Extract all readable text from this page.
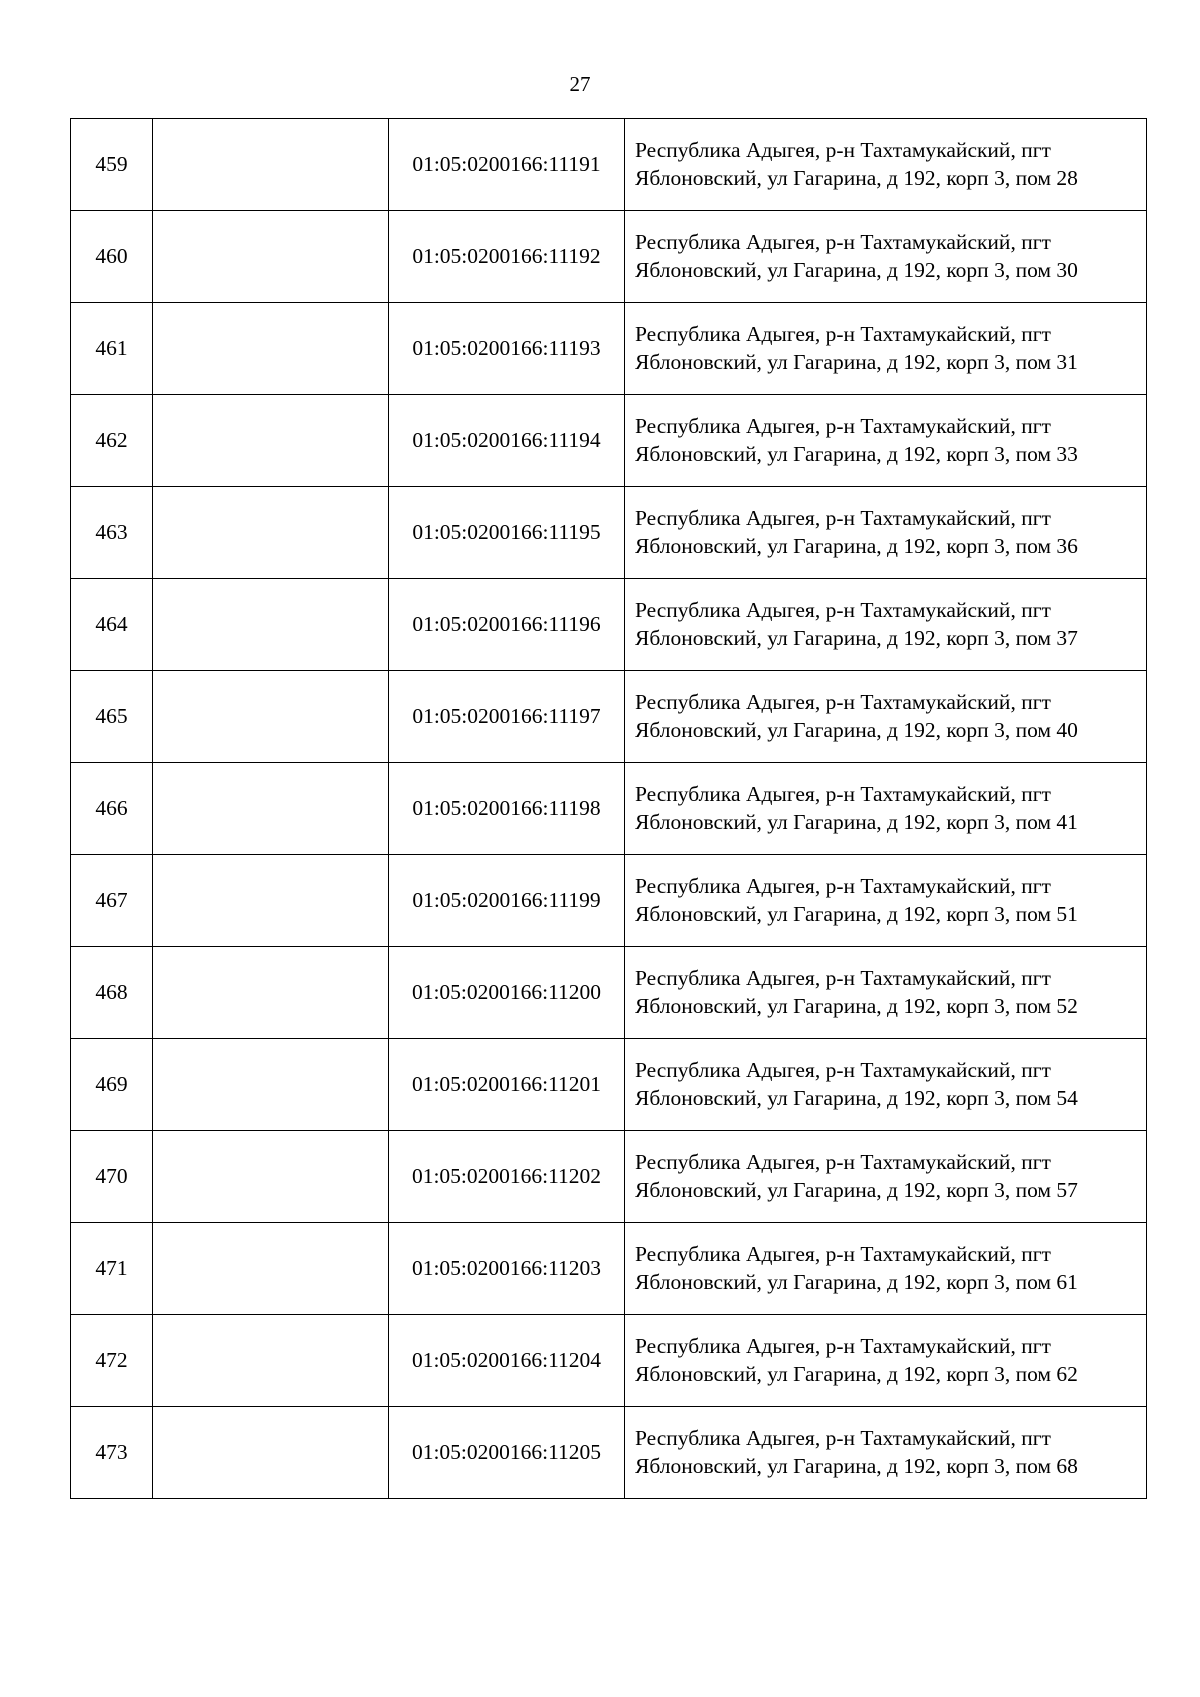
27
459		01:05:0200166:11191	Республика Адыгея, р-н Тахтамукайский, пгт Яблоновский, ул Гагарина, д 192, корп 3, пом 28
460		01:05:0200166:11192	Республика Адыгея, р-н Тахтамукайский, пгт Яблоновский, ул Гагарина, д 192, корп 3, пом 30
461		01:05:0200166:11193	Республика Адыгея, р-н Тахтамукайский, пгт Яблоновский, ул Гагарина, д 192, корп 3, пом 31
462		01:05:0200166:11194	Республика Адыгея, р-н Тахтамукайский, пгт Яблоновский, ул Гагарина, д 192, корп 3, пом 33
463		01:05:0200166:11195	Республика Адыгея, р-н Тахтамукайский, пгт Яблоновский, ул Гагарина, д 192, корп 3, пом 36
464		01:05:0200166:11196	Республика Адыгея, р-н Тахтамукайский, пгт Яблоновский, ул Гагарина, д 192, корп 3, пом 37
465		01:05:0200166:11197	Республика Адыгея, р-н Тахтамукайский, пгт Яблоновский, ул Гагарина, д 192, корп 3, пом 40
466		01:05:0200166:11198	Республика Адыгея, р-н Тахтамукайский, пгт Яблоновский, ул Гагарина, д 192, корп 3, пом 41
467		01:05:0200166:11199	Республика Адыгея, р-н Тахтамукайский, пгт Яблоновский, ул Гагарина, д 192, корп 3, пом 51
468		01:05:0200166:11200	Республика Адыгея, р-н Тахтамукайский, пгт Яблоновский, ул Гагарина, д 192, корп 3, пом 52
469		01:05:0200166:11201	Республика Адыгея, р-н Тахтамукайский, пгт Яблоновский, ул Гагарина, д 192, корп 3, пом 54
470		01:05:0200166:11202	Республика Адыгея, р-н Тахтамукайский, пгт Яблоновский, ул Гагарина, д 192, корп 3, пом 57
471		01:05:0200166:11203	Республика Адыгея, р-н Тахтамукайский, пгт Яблоновский, ул Гагарина, д 192, корп 3, пом 61
472		01:05:0200166:11204	Республика Адыгея, р-н Тахтамукайский, пгт Яблоновский, ул Гагарина, д 192, корп 3, пом 62
473		01:05:0200166:11205	Республика Адыгея, р-н Тахтамукайский, пгт Яблоновский, ул Гагарина, д 192, корп 3, пом 68
